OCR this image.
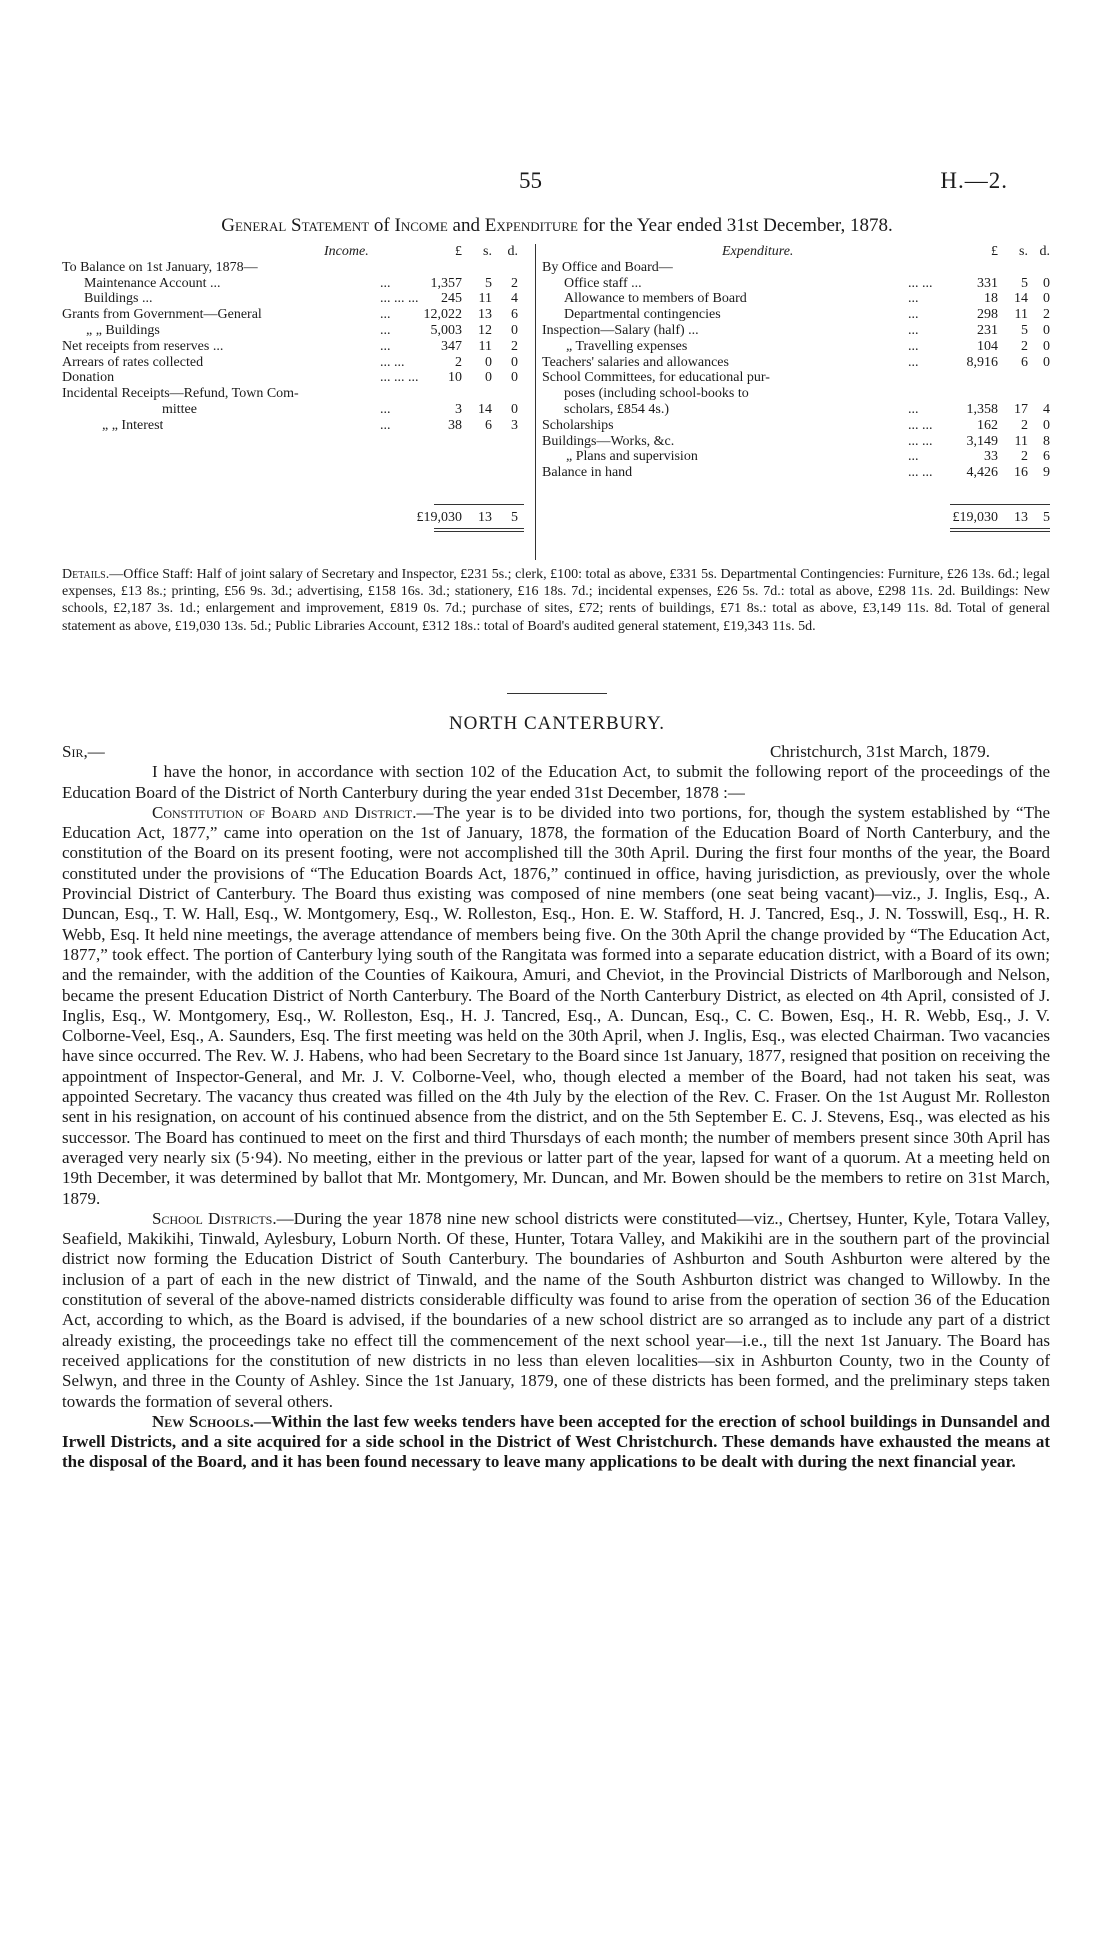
55	H.—2.
General Statement of Income and Expenditure for the Year ended 31st December, 1878.
Income.	£	s.	d.
To Balance on 1st January, 1878—
Maintenance Account ...	...	1,357	5	2
Buildings ...	... ... ...	245	11	4
Grants from Government—General	...	12,022	13	6
„ „ Buildings	...	5,003	12	0
Net receipts from reserves ...	...	347	11	2
Arrears of rates collected	... ...	2	0	0
Donation	... ... ...	10	0	0
Incidental Receipts—Refund, Town Com-
mittee	...	3	14	0
„ „ Interest	...	38	6	3
£19,030	13	5
Expenditure.	£	s. d.
By Office and Board—
Office staff ...	... ...	331	5	0
Allowance to members of Board	...	18	14	0
Departmental contingencies	...	298	11	2
Inspection—Salary (half) ...	...	231	5	0
„ Travelling expenses	...	104	2	0
Teachers' salaries and allowances	...	8,916	6	0
School Committees, for educational pur-
poses (including school-books to
scholars, £854 4s.)	...	1,358	17	4
Scholarships	... ...	162	2	0
Buildings—Works, &c.	... ...	3,149	11	8
„ Plans and supervision	...	33	2	6
Balance in hand	... ...	4,426	16	9
£19,030	13	5
Details.—Office Staff: Half of joint salary of Secretary and Inspector, £231 5s.; clerk, £100: total as above, £331 5s. Departmental Contingencies: Furniture, £26 13s. 6d.; legal expenses, £13 8s.; printing, £56 9s. 3d.; advertising, £158 16s. 3d.; stationery, £16 18s. 7d.; incidental expenses, £26 5s. 7d.: total as above, £298 11s. 2d. Buildings: New schools, £2,187 3s. 1d.; enlargement and improvement, £819 0s. 7d.; purchase of sites, £72; rents of buildings, £71 8s.: total as above, £3,149 11s. 8d. Total of general statement as above, £19,030 13s. 5d.; Public Libraries Account, £312 18s.: total of Board's audited general statement, £19,343 11s. 5d.
NORTH CANTERBURY.
Sir,—	Christchurch, 31st March, 1879.

I have the honor, in accordance with section 102 of the Education Act, to submit the following report of the proceedings of the Education Board of the District of North Canterbury during the year ended 31st December, 1878 :—

Constitution of Board and District.—The year is to be divided into two portions, for, though the system established by “The Education Act, 1877,” came into operation on the 1st of January, 1878, the formation of the Education Board of North Canterbury, and the constitution of the Board on its present footing, were not accomplished till the 30th April. During the first four months of the year, the Board constituted under the provisions of “The Education Boards Act, 1876,” continued in office, having jurisdiction, as previously, over the whole Provincial District of Canterbury. The Board thus existing was composed of nine members (one seat being vacant)—viz., J. Inglis, Esq., A. Duncan, Esq., T. W. Hall, Esq., W. Montgomery, Esq., W. Rolleston, Esq., Hon. E. W. Stafford, H. J. Tancred, Esq., J. N. Tosswill, Esq., H. R. Webb, Esq. It held nine meetings, the average attendance of members being five. On the 30th April the change provided by “The Education Act, 1877,” took effect. The portion of Canterbury lying south of the Rangitata was formed into a separate education district, with a Board of its own; and the remainder, with the addition of the Counties of Kaikoura, Amuri, and Cheviot, in the Provincial Districts of Marlborough and Nelson, became the present Education District of North Canterbury. The Board of the North Canterbury District, as elected on 4th April, consisted of J. Inglis, Esq., W. Montgomery, Esq., W. Rolleston, Esq., H. J. Tancred, Esq., A. Duncan, Esq., C. C. Bowen, Esq., H. R. Webb, Esq., J. V. Colborne-Veel, Esq., A. Saunders, Esq. The first meeting was held on the 30th April, when J. Inglis, Esq., was elected Chairman. Two vacancies have since occurred. The Rev. W. J. Habens, who had been Secretary to the Board since 1st January, 1877, resigned that position on receiving the appointment of Inspector-General, and Mr. J. V. Colborne-Veel, who, though elected a member of the Board, had not taken his seat, was appointed Secretary. The vacancy thus created was filled on the 4th July by the election of the Rev. C. Fraser. On the 1st August Mr. Rolleston sent in his resignation, on account of his continued absence from the district, and on the 5th September E. C. J. Stevens, Esq., was elected as his successor. The Board has continued to meet on the first and third Thursdays of each month; the number of members present since 30th April has averaged very nearly six (5·94). No meeting, either in the previous or latter part of the year, lapsed for want of a quorum. At a meeting held on 19th December, it was determined by ballot that Mr. Montgomery, Mr. Duncan, and Mr. Bowen should be the members to retire on 31st March, 1879.

School Districts.—During the year 1878 nine new school districts were constituted—viz., Chertsey, Hunter, Kyle, Totara Valley, Seafield, Makikihi, Tinwald, Aylesbury, Loburn North. Of these, Hunter, Totara Valley, and Makikihi are in the southern part of the provincial district now forming the Education District of South Canterbury. The boundaries of Ashburton and South Ashburton were altered by the inclusion of a part of each in the new district of Tinwald, and the name of the South Ashburton district was changed to Willowby. In the constitution of several of the above-named districts considerable difficulty was found to arise from the operation of section 36 of the Education Act, according to which, as the Board is advised, if the boundaries of a new school district are so arranged as to include any part of a district already existing, the proceedings take no effect till the commencement of the next school year—i.e., till the next 1st January. The Board has received applications for the constitution of new districts in no less than eleven localities—six in Ashburton County, two in the County of Selwyn, and three in the County of Ashley. Since the 1st January, 1879, one of these districts has been formed, and the preliminary steps taken towards the formation of several others.

New Schools.—Within the last few weeks tenders have been accepted for the erection of school buildings in Dunsandel and Irwell Districts, and a site acquired for a side school in the District of West Christchurch. These demands have exhausted the means at the disposal of the Board, and it has been found necessary to leave many applications to be dealt with during the next financial year.
